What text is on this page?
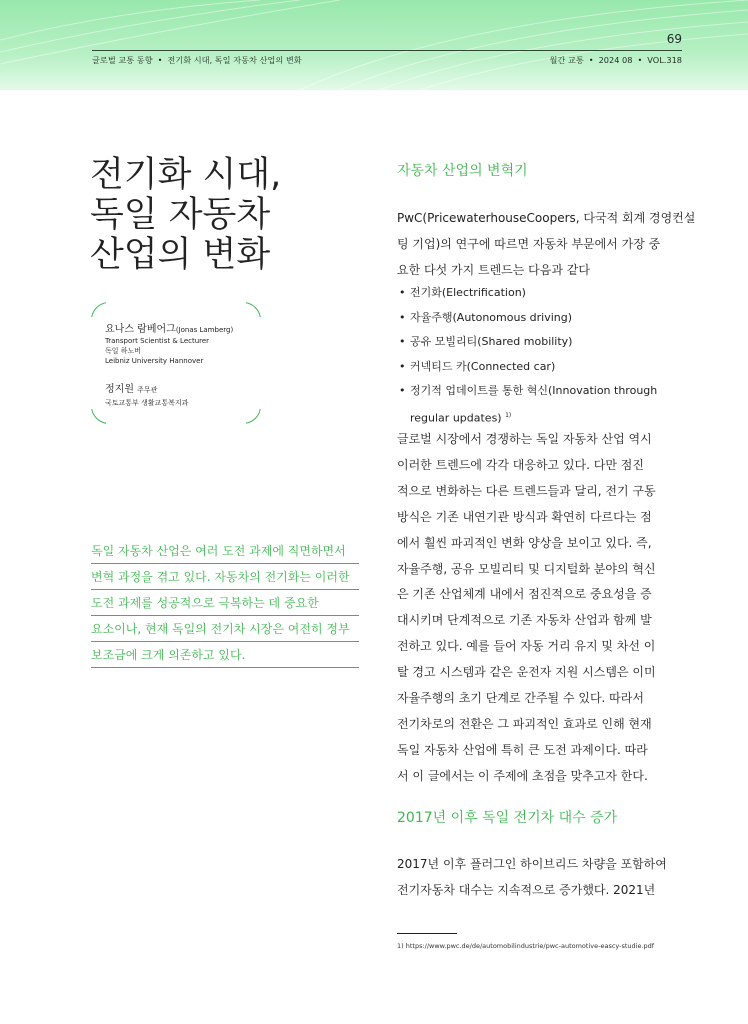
69
글로벌 교통 동향 • 전기화 시대, 독일 자동차 산업의 변화	월간 교통 • 2024 08 • VOL.318
전기화 시대,
독일 자동차
산업의 변화
요나스 람베어그(Jonas Lamberg)
Transport Scientist & Lecturer
독일 하노버
Leibniz University Hannover
정지원 주무관
국토교통부 생활교통복지과
독일 자동차 산업은 여러 도전 과제에 직면하면서
변혁 과정을 겪고 있다. 자동차의 전기화는 이러한
도전 과제를 성공적으로 극복하는 데 중요한
요소이나, 현재 독일의 전기차 시장은 여전히 정부
보조금에 크게 의존하고 있다.
자동차 산업의 변혁기
PwC(PricewaterhouseCoopers, 다국적 회계 경영컨설
팅 기업)의 연구에 따르면 자동차 부문에서 가장 중
요한 다섯 가지 트렌드는 다음과 같다
• 전기화(Electrification)
• 자율주행(Autonomous driving)
• 공유 모빌리티(Shared mobility)
• 커넥티드 카(Connected car)
• 정기적 업데이트를 통한 혁신(Innovation through
regular updates) $^{1)}$
글로벌 시장에서 경쟁하는 독일 자동차 산업 역시
이러한 트렌드에 각각 대응하고 있다. 다만 점진
적으로 변화하는 다른 트렌드들과 달리, 전기 구동
방식은 기존 내연기관 방식과 확연히 다르다는 점
에서 훨씬 파괴적인 변화 양상을 보이고 있다. 즉,
자율주행, 공유 모빌리티 및 디지털화 분야의 혁신
은 기존 산업체계 내에서 점진적으로 중요성을 증
대시키며 단계적으로 기존 자동차 산업과 함께 발
전하고 있다. 예를 들어 자동 거리 유지 및 차선 이
탈 경고 시스템과 같은 운전자 지원 시스템은 이미
자율주행의 초기 단계로 간주될 수 있다. 따라서
전기차로의 전환은 그 파괴적인 효과로 인해 현재
독일 자동차 산업에 특히 큰 도전 과제이다. 따라
서 이 글에서는 이 주제에 초점을 맞추고자 한다.
2017년 이후 독일 전기차 대수 증가
2017년 이후 플러그인 하이브리드 차량을 포함하여
전기자동차 대수는 지속적으로 증가했다. 2021년
1) https://www.pwc.de/de/automobilindustrie/pwc-automotive-eascy-studie.pdf
